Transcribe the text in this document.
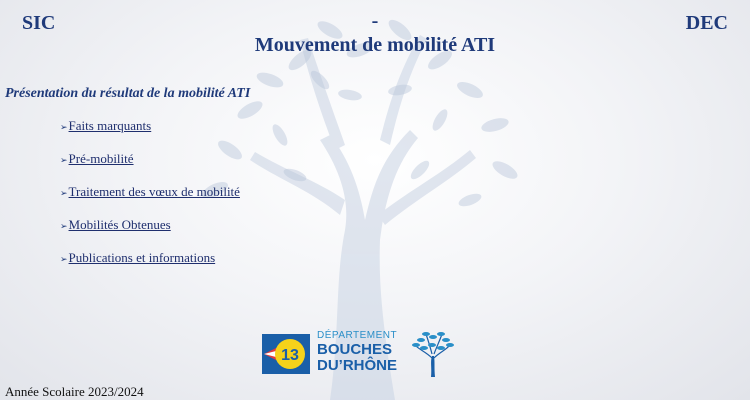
SIC	-
Mouvement de mobilité ATI
DEC
Présentation du résultat de la mobilité ATI
➢ Faits marquants
➢ Pré-mobilité
➢ Traitement des vœux de mobilité
➢ Mobilités Obtenues
➢ Publications et informations
13
DÉPARTEMENT
BOUCHES
DU’RHÔNE
Année Scolaire 2023/2024
